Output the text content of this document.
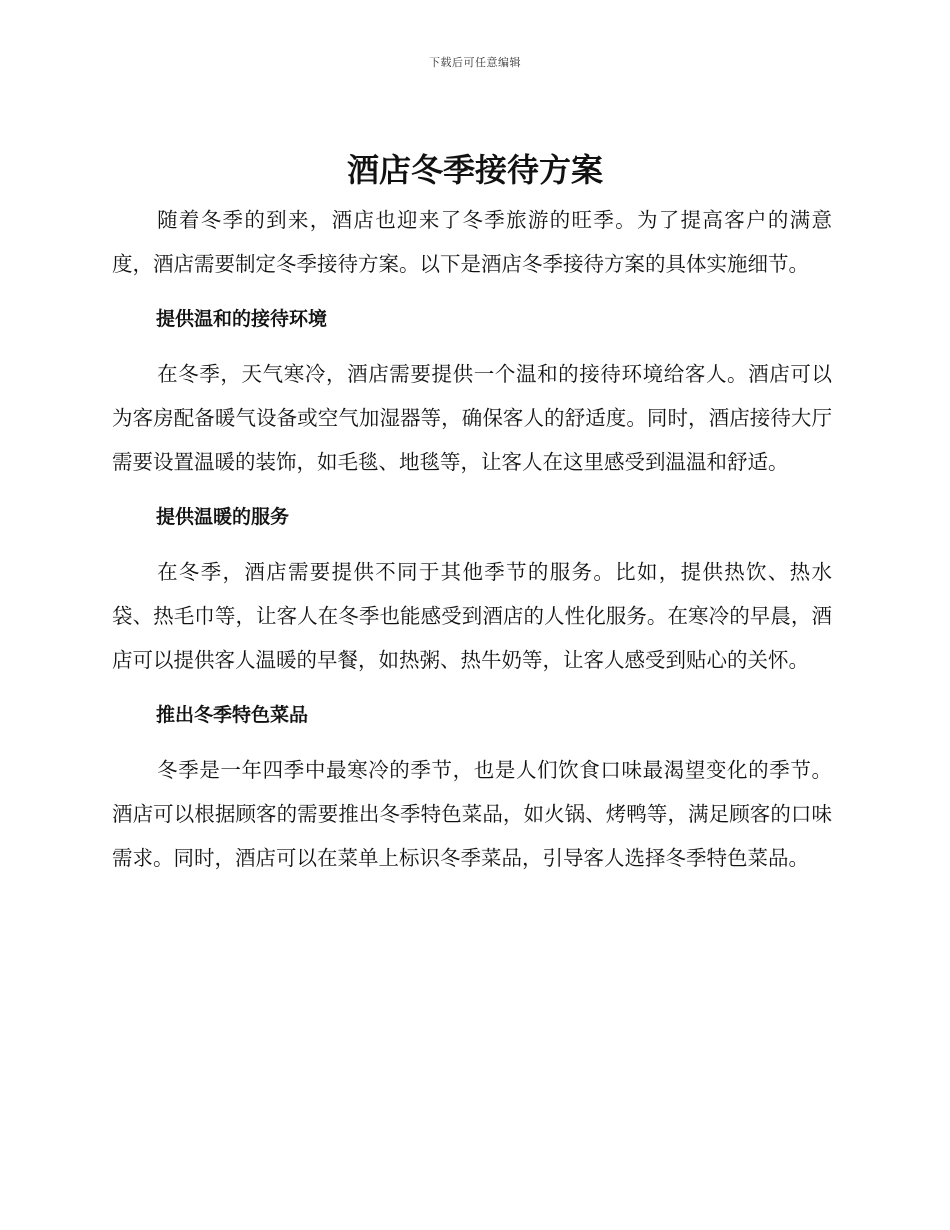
下载后可任意编辑
酒店冬季接待方案

随着冬季的到来，酒店也迎来了冬季旅游的旺季。为了提高客户的满意度，酒店需要制定冬季接待方案。以下是酒店冬季接待方案的具体实施细节。

提供温和的接待环境

在冬季，天气寒冷，酒店需要提供一个温和的接待环境给客人。酒店可以为客房配备暖气设备或空气加湿器等，确保客人的舒适度。同时，酒店接待大厅需要设置温暖的装饰，如毛毯、地毯等，让客人在这里感受到温温和舒适。

提供温暖的服务

在冬季，酒店需要提供不同于其他季节的服务。比如，提供热饮、热水袋、热毛巾等，让客人在冬季也能感受到酒店的人性化服务。在寒冷的早晨，酒店可以提供客人温暖的早餐，如热粥、热牛奶等，让客人感受到贴心的关怀。

推出冬季特色菜品

冬季是一年四季中最寒冷的季节，也是人们饮食口味最渴望变化的季节。酒店可以根据顾客的需要推出冬季特色菜品，如火锅、烤鸭等，满足顾客的口味需求。同时，酒店可以在菜单上标识冬季菜品，引导客人选择冬季特色菜品。
